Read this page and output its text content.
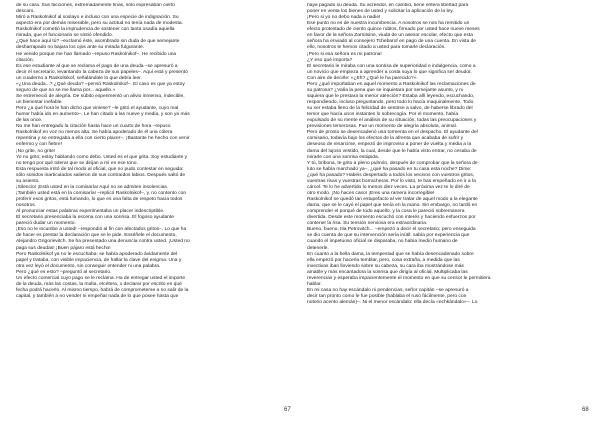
de su cara. Sus facciones, extremadamente finas, sólo expresaban cierto

descaro.

Miró a Raskolnikof al soslayo e incluso con una especie de indignación. Su

aspecto era por demás miserable, pero su actitud no tenía nada de modesta.

Raskolnikof cometió la imprudencia de sostener con tanta osadía aquella

mirada, que el funcionario se sintió ofendido.

¿Qué hace aquí tú? –exclamó éste, asombrado sin duda de que semejante

desharrapado no bajara los ojos ante su mirada fulgurante.

He venido porque me han llamado –repuso Raskolnikof–. He recibido una

citación.

Es ese estudiante al que se reclama el pago de una deuda –se apresuró a

decir el secretario, levantando la cabeza de sus papeles–. Aquí está y presentó

un cuaderno a Raskolnikof, señalándole lo que debía leer.

«¿Una deuda...? ¿Qué deuda? –pensó Raskolnikof–. El caso es que ya estoy

seguro de que no se me llama por... aquello.»

Se estremeció de alegría. De súbito experimentó un alivio inmenso, indecible,

un bienestar inefable.

Pero ¿a qué hora le han dicho que viniese? –le gritó el ayudante, cuyo mal

humor había ido en aumento–. Le han citado a las nueve y media, y son ya más

de las once.

No me han entregado la citación hasta hace un cuarto de hora –repuso

Raskolnikof en voz no menos alta. Se había apoderado de él una cólera

repentina y se entregaba a ella con cierto placer–. ¡Bastante he hecho con venir

enfermo y con fiebre!

¡No grite, no grite!

Yo no grito; estoy hablando como debo. Usted es el que grita. Soy estudiante y

no tengo por qué tolerar que se dirijan a mí en ese tono.

Esta respuesta irritó de tal modo al oficial, que no pudo contestar en seguida:

sólo sonidos inarticulados salieron de sus contraídos labios. Después saltó de

su asiento.

¡Silencio! ¡Está usted en la comisaría! Aquí no se admiten insolencias.

¡También usted está en la comisaría! –replicó Raskolnikof–, y, no contento con

proferir esos gritos, está fumando, lo que es una falta de respeto hacia todos

nosotros.

Al pronunciar estas palabras experimentaba un placer indescriptible.

El secretario presenciaba la escena con una sonrisa. El fogoso ayudante

pareció dudar un momento.

¡Eso no le incumbe a usted! –respondió al fin con afectados gritos–. Lo que ha

de hacer es prestar la declaración que se le pide. Enséñele el documento,

Alejandro Grigorievitch. Se ha presentado una denuncia contra usted. ¡Usted no

paga sus deudas! ¡Buen pájaro está hecho!

Pero Raskolnikof ya no le escuchaba: se había apoderado ávidamente del

papel y trataba, con visible impaciencia, de hallar la clave del enigma. Una y

otra vez leyó el documento, sin conseguir entender ni una palabra.

Pero ¿qué es esto? –preguntó al secretario.

Un efecto comercial cuyo pago se le reclama. Ha de entregar usted el importe

de la deuda, más las costas, la multa, etcétera, o declarar por escrito en qué

fecha podrá hacerlo. Al mismo tiempo, habrá de comprometerse a no salir de la

capital, y también a no vender ni empeñar nada de lo que posee hasta que

67

haya pagado su deuda. Su acreedor, en cambio, tiene entera libertad para

poner en venta los bienes de usted y solicitar la aplicación de la ley.

¡Pero si yo no debo nada a nadie!

Ese punto no es de nuestra incumbencia. A nosotros se nos ha remitido un

efecto protestado de ciento quince rublos, firmado por usted hace nueve meses

en favor de la señora Zarnitsine, viuda de un asesor escolar, efecto que esta

señora ha enviado al consejero Tchebarof en pago de una cuenta. En vista de

ello, nosotros le hemos citado a usted para tomarle declaración.

¡Pero si esa señora es mi patrona!

¿Y eso qué importa?

El secretario le miraba con una sonrisa de superioridad e indulgencia, como a

un novicio que empieza a aprender a costa suya lo que significa ser deudor.

Con aire de decirle: «¿Eh? ¿Qué le ha parecido?».

Pero ¿qué importaban en aquel momento a Raskolnikof las reclamaciones de

su patrona? ¿Valía la pena que se inquietara por semejante asunto, y ni

siquiera que le prestara la menor atención? Estaba allí leyendo, escuchando,

respondiendo, incluso preguntando, pero todo lo hacía maquinalmente. Todo

su ser estaba lleno de la felicidad de sentirse a salvo, de haberse librado del

temor que hacía unos instantes lo sobrecogía. Por el momento, había

expulsado de su mente el análisis de su situación, todas las preocupaciones y

previsiones temerosas. Fue un momento de alegría absoluta, animal.

Pero de pronto se desencadenó una tormenta en el despacho. El ayudante del

comisario, todavía bajo los efectos de la afrenta que acababa de sufrir y

deseoso de resarcirse, empezó de improviso a poner de vuelta y media a la

dama del lujoso vestido, la cual, desde que le había visto entrar, no cesaba de

mirarle con una sonrisa estúpida.

Y tú, bribona, te grito a pleno pulmón, después de comprobar que la señora de

luto se había marchado ya–, ¿qué ha pasado en tu casa esta noche? Dime:

¿qué ha pasado? Habéis despertado a todos los vecinos con vuestros gritos,

vuestras risas y vuestras borracheras. Por lo visto, te has empeñado en ir a la

cárcel. Te lo he advertido lo menos diez veces. La próxima vez te lo diré de

otro modo. ¡No haces caso! ¡Eres una ramera incorregible!

Raskolnikof se quedó tan estupefacto al ver tratar de aquel modo a la elegante

dama, que se le cayó el papel que tenía en la mano. Sin embargo, no tardó en

comprender el porqué de todo aquello, y la cosa le pareció sobremanera

divertida. Desde este momento escuchó con interés y haciendo esfuerzos por

contener la risa. Su tensión nerviosa era extraordinaria.

Bueno, bueno, Ilia Petrovitch... –empezó a decir el secretario; pero enseguida

se dio cuenta de que su intervención sería inútil: sabía por experiencia que

cuando el impetuoso oficial se disparaba, no había medio humano de

detenerle.

En cuanto a la bella dama, la tempestad que se había desencadenado sobre

ella empezó por hacerla temblar, pero, cosa extraña, a medida que las

invectivas iban lloviendo sobre su cabeza, su cara iba mostrándose más

amable y más encantadora la sonrisa que dirigía al oficial. Multiplicaba las

reverencias y esperaba impacientemente el momento en que su censor le permitiera

hablar.

En mi casa no hay escándalo ni pendencias, señor capitán –se apresuró a

decir tan pronto como le fue posible (hablaba el ruso fácilmente, pero con

notorio acento alemán)–. Ni el menor escándalo: ella decía «echkándalo»–. Lo

68
